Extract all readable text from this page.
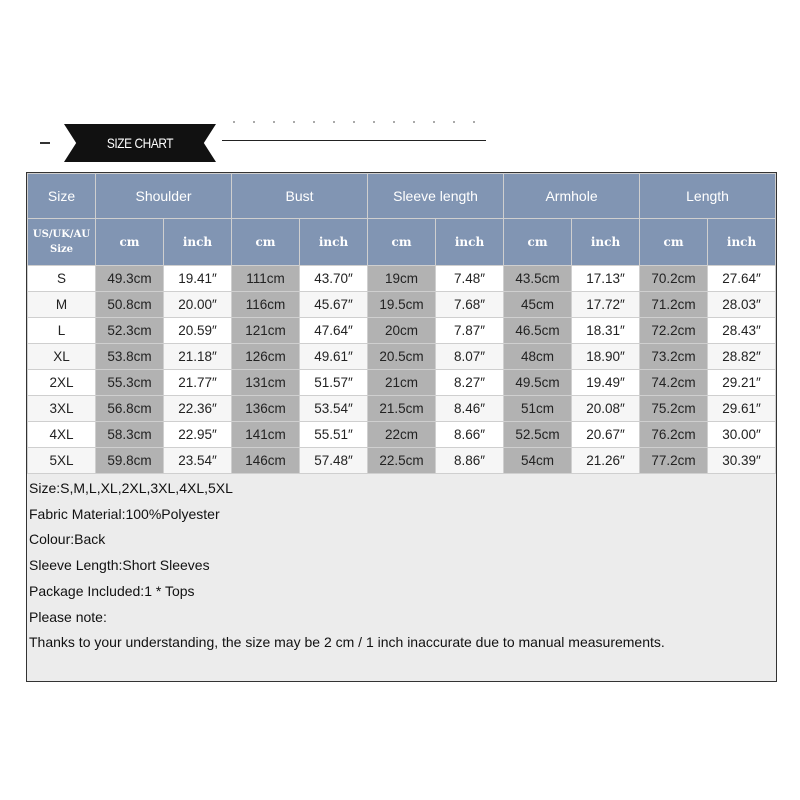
SIZE CHART
Size	Shoulder		Bust		Sleeve length		Armhole		Length	

US/UK/AU
Size	cm	inch	cm	inch	cm	inch	cm	inch	cm	inch
S	49.3cm	19.41″	111cm	43.70″	19cm	7.48″	43.5cm	17.13″	70.2cm	27.64″
M	50.8cm	20.00″	116cm	45.67″	19.5cm	7.68″	45cm	17.72″	71.2cm	28.03″
L	52.3cm	20.59″	121cm	47.64″	20cm	7.87″	46.5cm	18.31″	72.2cm	28.43″
XL	53.8cm	21.18″	126cm	49.61″	20.5cm	8.07″	48cm	18.90″	73.2cm	28.82″
2XL	55.3cm	21.77″	131cm	51.57″	21cm	8.27″	49.5cm	19.49″	74.2cm	29.21″
3XL	56.8cm	22.36″	136cm	53.54″	21.5cm	8.46″	51cm	20.08″	75.2cm	29.61″
4XL	58.3cm	22.95″	141cm	55.51″	22cm	8.66″	52.5cm	20.67″	76.2cm	30.00″
5XL	59.8cm	23.54″	146cm	57.48″	22.5cm	8.86″	54cm	21.26″	77.2cm	30.39″
Size:S,M,L,XL,2XL,3XL,4XL,5XL
Fabric Material:100%Polyester
Colour:Back
Sleeve Length:Short Sleeves
Package Included:1 * Tops
Please note:
Thanks to your understanding, the size may be 2 cm / 1 inch inaccurate due to manual measurements.
